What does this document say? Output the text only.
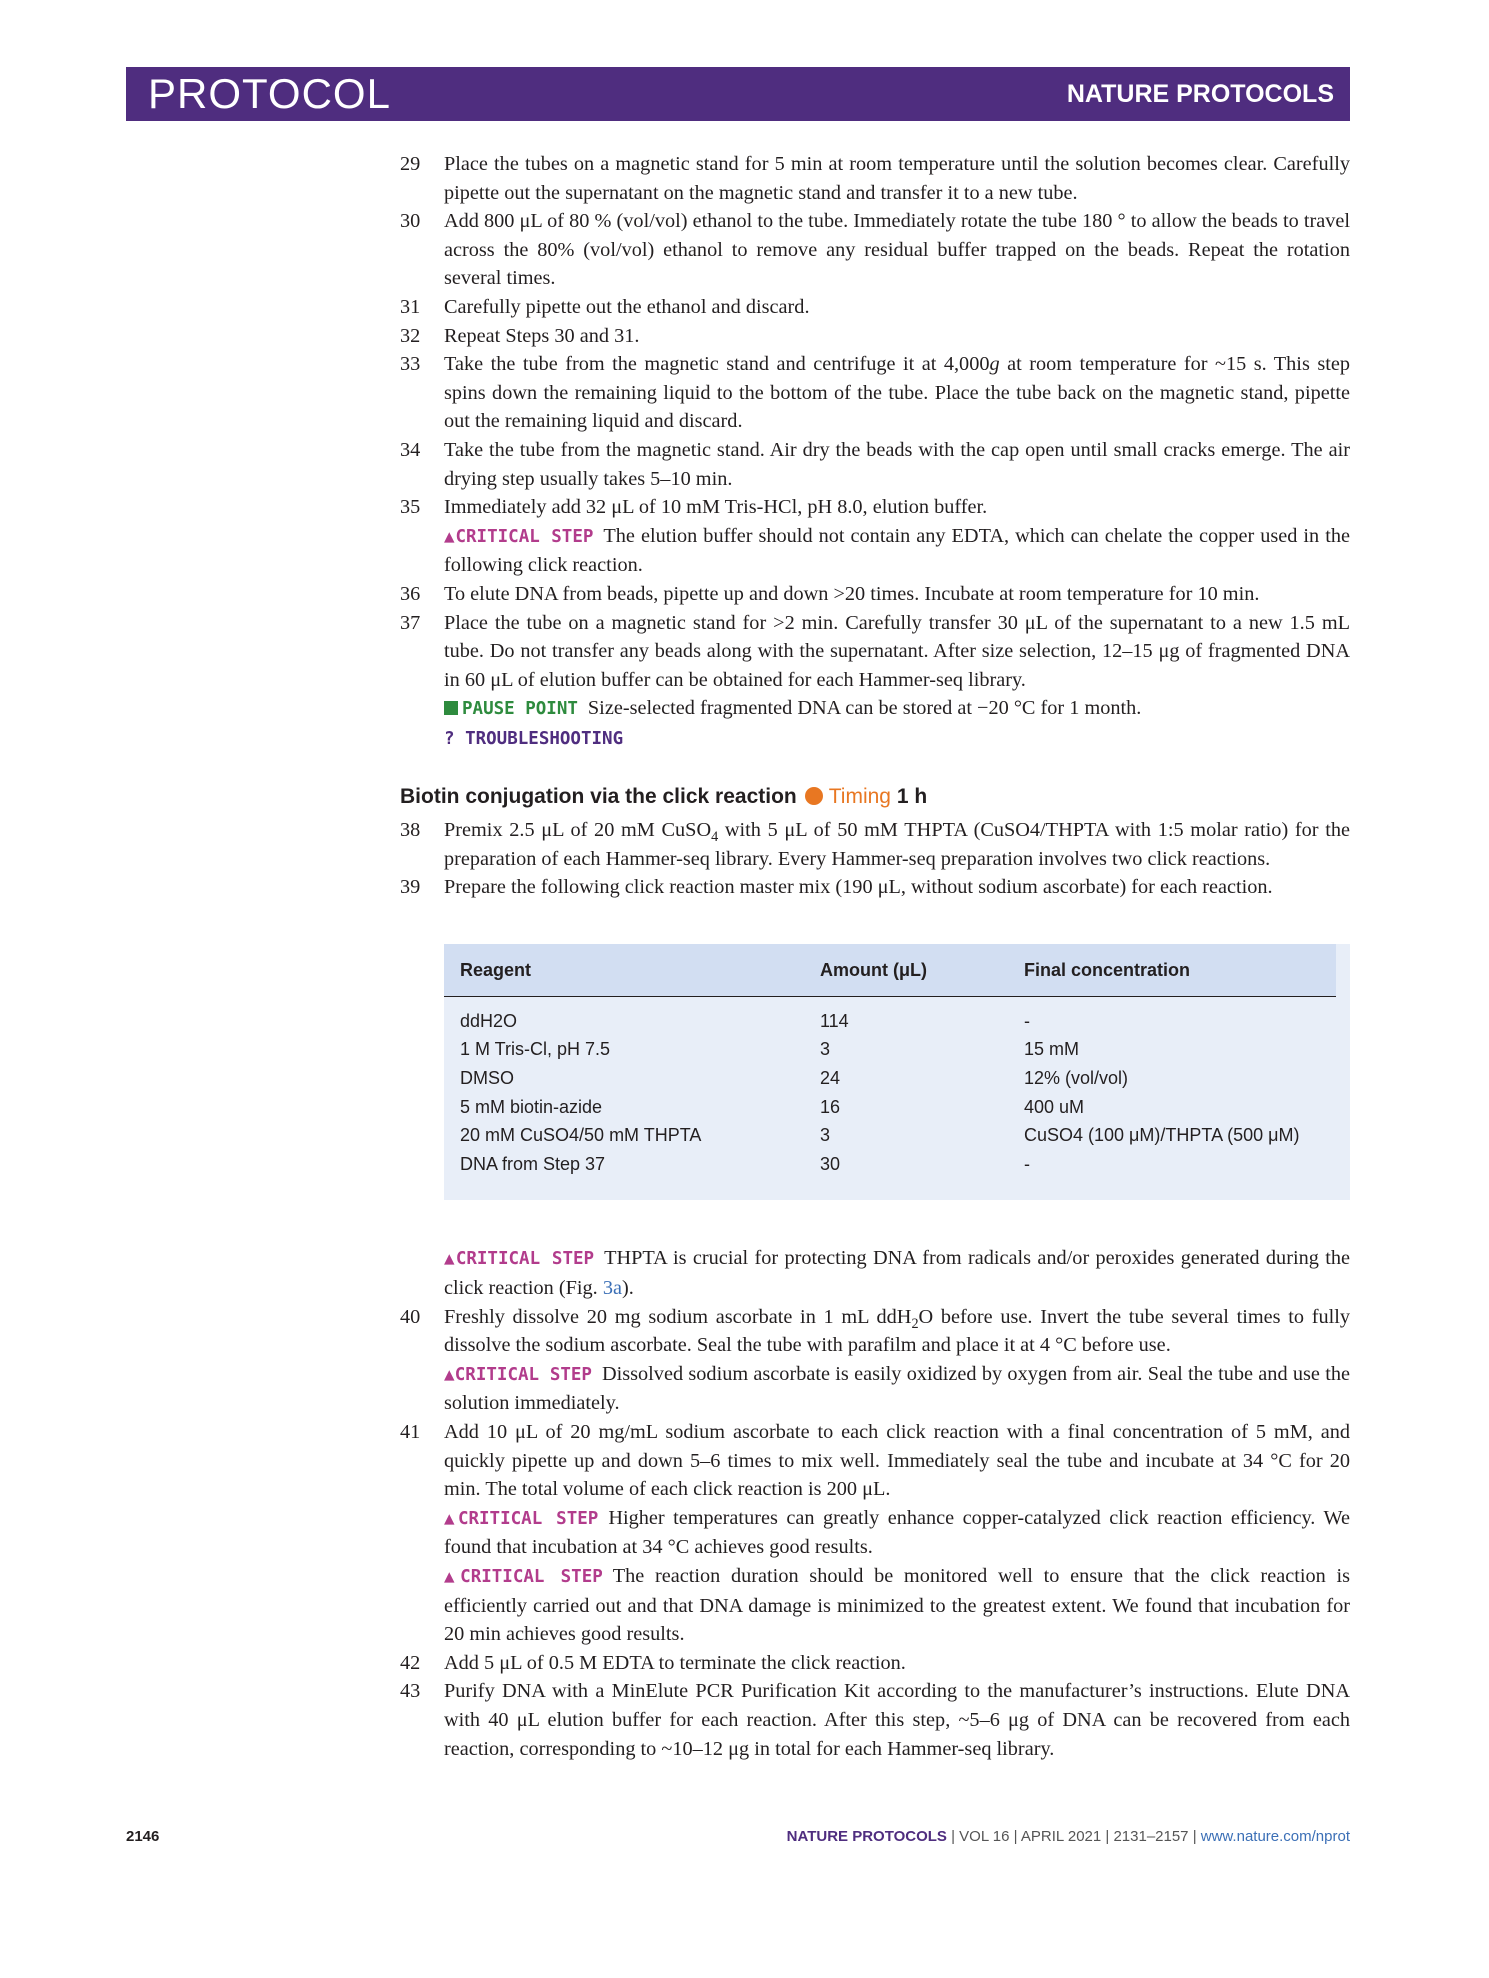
PROTOCOL	NATURE PROTOCOLS
29 Place the tubes on a magnetic stand for 5 min at room temperature until the solution becomes clear. Carefully pipette out the supernatant on the magnetic stand and transfer it to a new tube.
30 Add 800 μL of 80 % (vol/vol) ethanol to the tube. Immediately rotate the tube 180 ° to allow the beads to travel across the 80% (vol/vol) ethanol to remove any residual buffer trapped on the beads. Repeat the rotation several times.
31 Carefully pipette out the ethanol and discard.
32 Repeat Steps 30 and 31.
33 Take the tube from the magnetic stand and centrifuge it at 4,000g at room temperature for ~15 s. This step spins down the remaining liquid to the bottom of the tube. Place the tube back on the magnetic stand, pipette out the remaining liquid and discard.
34 Take the tube from the magnetic stand. Air dry the beads with the cap open until small cracks emerge. The air drying step usually takes 5–10 min.
35 Immediately add 32 μL of 10 mM Tris-HCl, pH 8.0, elution buffer.
▲CRITICAL STEP The elution buffer should not contain any EDTA, which can chelate the copper used in the following click reaction.
36 To elute DNA from beads, pipette up and down >20 times. Incubate at room temperature for 10 min.
37 Place the tube on a magnetic stand for >2 min. Carefully transfer 30 μL of the supernatant to a new 1.5 mL tube. Do not transfer any beads along with the supernatant. After size selection, 12–15 μg of fragmented DNA in 60 μL of elution buffer can be obtained for each Hammer-seq library.
PAUSE POINT Size-selected fragmented DNA can be stored at −20 °C for 1 month.
? TROUBLESHOOTING
Biotin conjugation via the click reaction Timing 1 h
38 Premix 2.5 μL of 20 mM CuSO$_4$ with 5 μL of 50 mM THPTA (CuSO4/THPTA with 1:5 molar ratio) for the preparation of each Hammer-seq library. Every Hammer-seq preparation involves two click reactions.
39 Prepare the following click reaction master mix (190 μL, without sodium ascorbate) for each reaction.
Reagent	Amount (μL)	Final concentration
ddH2O	114	-
1 M Tris-Cl, pH 7.5	3	15 mM
DMSO	24	12% (vol/vol)
5 mM biotin-azide	16	400 uM
20 mM CuSO4/50 mM THPTA	3	CuSO4 (100 μM)/THPTA (500 μM)
DNA from Step 37	30	-
▲CRITICAL STEP THPTA is crucial for protecting DNA from radicals and/or peroxides generated during the click reaction (Fig. 3a).
40 Freshly dissolve 20 mg sodium ascorbate in 1 mL ddH$_2$O before use. Invert the tube several times to fully dissolve the sodium ascorbate. Seal the tube with parafilm and place it at 4 °C before use.
▲CRITICAL STEP Dissolved sodium ascorbate is easily oxidized by oxygen from air. Seal the tube and use the solution immediately.
41 Add 10 μL of 20 mg/mL sodium ascorbate to each click reaction with a final concentration of 5 mM, and quickly pipette up and down 5–6 times to mix well. Immediately seal the tube and incubate at 34 °C for 20 min. The total volume of each click reaction is 200 μL.
▲CRITICAL STEP Higher temperatures can greatly enhance copper-catalyzed click reaction efficiency. We found that incubation at 34 °C achieves good results.
▲CRITICAL STEP The reaction duration should be monitored well to ensure that the click reaction is efficiently carried out and that DNA damage is minimized to the greatest extent. We found that incubation for 20 min achieves good results.
42 Add 5 μL of 0.5 M EDTA to terminate the click reaction.
43 Purify DNA with a MinElute PCR Purification Kit according to the manufacturer’s instructions. Elute DNA with 40 μL elution buffer for each reaction. After this step, ~5–6 μg of DNA can be recovered from each reaction, corresponding to ~10–12 μg in total for each Hammer-seq library.
2146	NATURE PROTOCOLS | VOL 16 | APRIL 2021 | 2131–2157 | www.nature.com/nprot
